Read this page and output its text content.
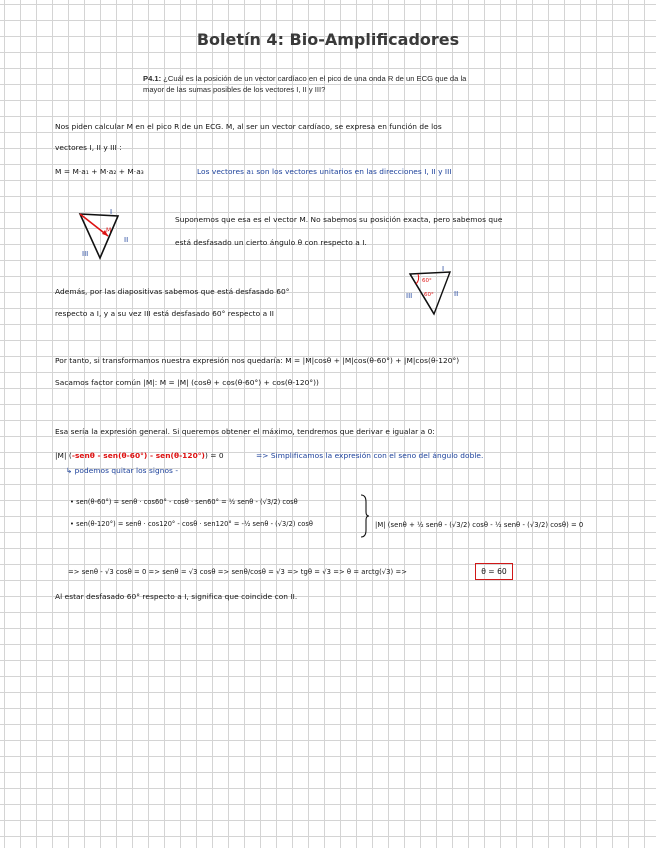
Boletín 4: Bio-Amplificadores
P4.1: ¿Cuál es la posición de un vector cardíaco en el pico de una onda R de un ECG que da la
mayor de las sumas posibles de los vectores I, II y III?
Nos piden calcular M en el pico R de un ECG. M, al ser un vector cardíaco, se expresa en función de los
vectores I, II y III :
M = M·a₁ + M·a₂ + M·a₃	Los vectores a₁ son los vectores unitarios en las direcciones I, II y III
I
II
III
M
Suponemos que esa es el vector M. No sabemos su posición exacta, pero sabemos que
está desfasado un cierto ángulo θ con respecto a I.
60°
60°
I
II
III
Además, por las diapositivas sabemos que está desfasado 60°
respecto a I, y a su vez III está desfasado 60° respecto a II
Por tanto, si transformamos nuestra expresión nos quedaría: M = |M|cosθ + |M|cos(θ-60°) + |M|cos(θ-120°)
Sacamos factor común |M|: M = |M| (cosθ + cos(θ-60°) + cos(θ-120°))
Esa sería la expresión general. Si queremos obtener el máximo, tendremos que derivar e igualar a 0:
|M| (-senθ - sen(θ-60°) - sen(θ-120°)) = 0	=> Simplificamos la expresión con el seno del ángulo doble.
↳ podemos quitar los signos -
• sen(θ-60°) = senθ · cos60° - cosθ · sen60° = ½ senθ - (√3/2) cosθ
• sen(θ-120°) = senθ · cos120° - cosθ · sen120° = -½ senθ - (√3/2) cosθ	|M| (senθ + ½ senθ - (√3/2) cosθ - ½ senθ - (√3/2) cosθ) = 0
=> senθ - √3 cosθ = 0 => senθ = √3 cosθ => senθ/cosθ = √3 => tgθ = √3 => θ = arctg(√3) =>	θ = 60
Al estar desfasado 60° respecto a I, significa que coincide con II.
